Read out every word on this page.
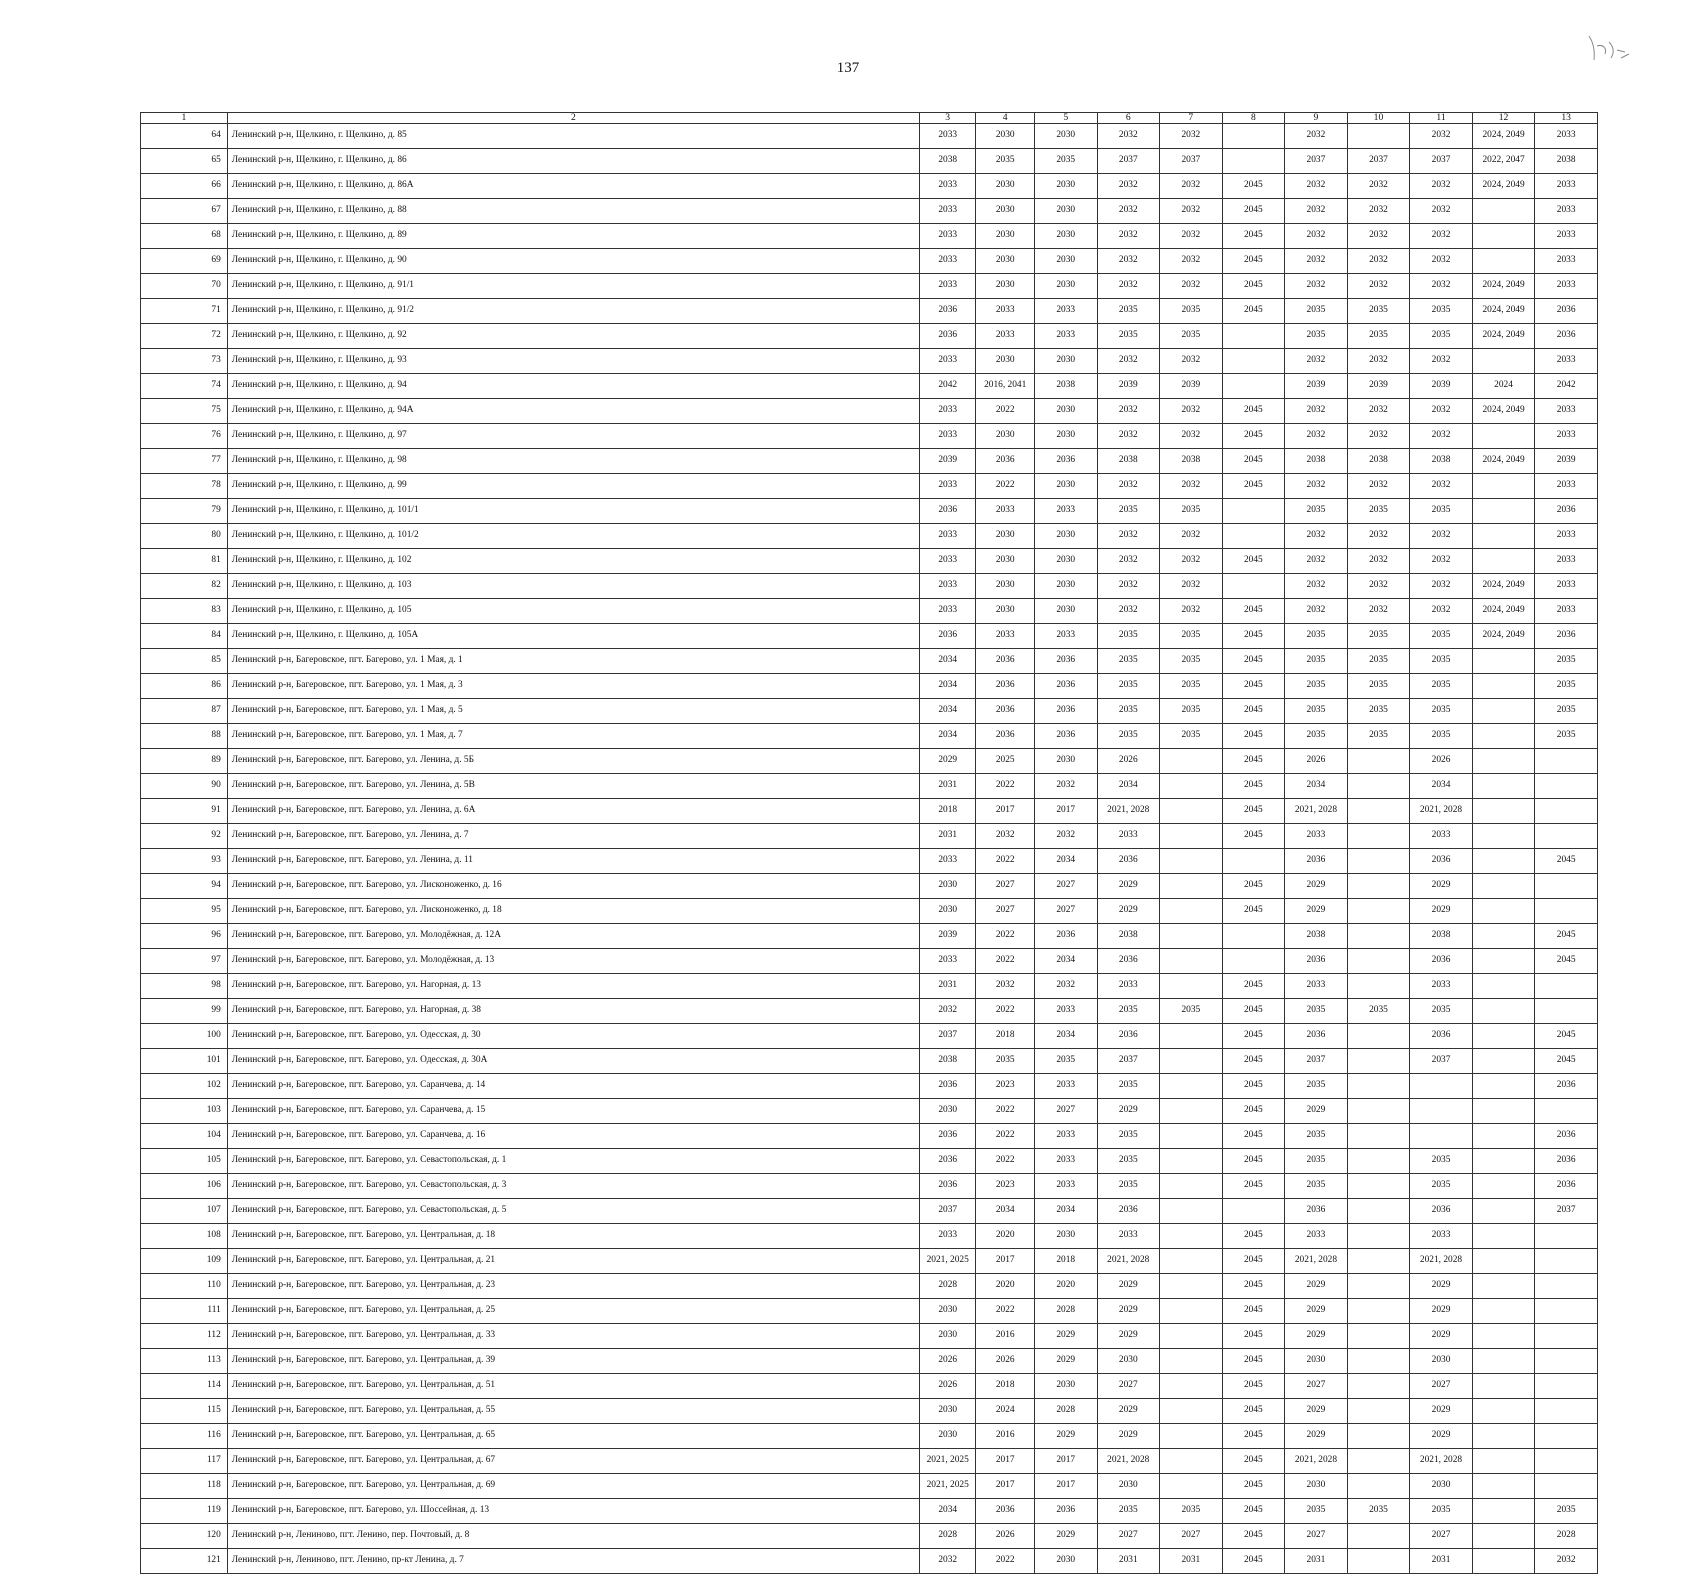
137
1	2	3	4	5	6	7	8	9	10	11	12	13
64	Ленинский р-н, Щелкино, г. Щелкино, д. 85	2033	2030	2030	2032	2032		2032		2032	2024, 2049	2033
65	Ленинский р-н, Щелкино, г. Щелкино, д. 86	2038	2035	2035	2037	2037		2037	2037	2037	2022, 2047	2038
66	Ленинский р-н, Щелкино, г. Щелкино, д. 86А	2033	2030	2030	2032	2032	2045	2032	2032	2032	2024, 2049	2033
67	Ленинский р-н, Щелкино, г. Щелкино, д. 88	2033	2030	2030	2032	2032	2045	2032	2032	2032		2033
68	Ленинский р-н, Щелкино, г. Щелкино, д. 89	2033	2030	2030	2032	2032	2045	2032	2032	2032		2033
69	Ленинский р-н, Щелкино, г. Щелкино, д. 90	2033	2030	2030	2032	2032	2045	2032	2032	2032		2033
70	Ленинский р-н, Щелкино, г. Щелкино, д. 91/1	2033	2030	2030	2032	2032	2045	2032	2032	2032	2024, 2049	2033
71	Ленинский р-н, Щелкино, г. Щелкино, д. 91/2	2036	2033	2033	2035	2035	2045	2035	2035	2035	2024, 2049	2036
72	Ленинский р-н, Щелкино, г. Щелкино, д. 92	2036	2033	2033	2035	2035		2035	2035	2035	2024, 2049	2036
73	Ленинский р-н, Щелкино, г. Щелкино, д. 93	2033	2030	2030	2032	2032		2032	2032	2032		2033
74	Ленинский р-н, Щелкино, г. Щелкино, д. 94	2042	2016, 2041	2038	2039	2039		2039	2039	2039	2024	2042
75	Ленинский р-н, Щелкино, г. Щелкино, д. 94А	2033	2022	2030	2032	2032	2045	2032	2032	2032	2024, 2049	2033
76	Ленинский р-н, Щелкино, г. Щелкино, д. 97	2033	2030	2030	2032	2032	2045	2032	2032	2032		2033
77	Ленинский р-н, Щелкино, г. Щелкино, д. 98	2039	2036	2036	2038	2038	2045	2038	2038	2038	2024, 2049	2039
78	Ленинский р-н, Щелкино, г. Щелкино, д. 99	2033	2022	2030	2032	2032	2045	2032	2032	2032		2033
79	Ленинский р-н, Щелкино, г. Щелкино, д. 101/1	2036	2033	2033	2035	2035		2035	2035	2035		2036
80	Ленинский р-н, Щелкино, г. Щелкино, д. 101/2	2033	2030	2030	2032	2032		2032	2032	2032		2033
81	Ленинский р-н, Щелкино, г. Щелкино, д. 102	2033	2030	2030	2032	2032	2045	2032	2032	2032		2033
82	Ленинский р-н, Щелкино, г. Щелкино, д. 103	2033	2030	2030	2032	2032		2032	2032	2032	2024, 2049	2033
83	Ленинский р-н, Щелкино, г. Щелкино, д. 105	2033	2030	2030	2032	2032	2045	2032	2032	2032	2024, 2049	2033
84	Ленинский р-н, Щелкино, г. Щелкино, д. 105А	2036	2033	2033	2035	2035	2045	2035	2035	2035	2024, 2049	2036
85	Ленинский р-н, Багеровское, пгт. Багерово, ул. 1 Мая, д. 1	2034	2036	2036	2035	2035	2045	2035	2035	2035		2035
86	Ленинский р-н, Багеровское, пгт. Багерово, ул. 1 Мая, д. 3	2034	2036	2036	2035	2035	2045	2035	2035	2035		2035
87	Ленинский р-н, Багеровское, пгт. Багерово, ул. 1 Мая, д. 5	2034	2036	2036	2035	2035	2045	2035	2035	2035		2035
88	Ленинский р-н, Багеровское, пгт. Багерово, ул. 1 Мая, д. 7	2034	2036	2036	2035	2035	2045	2035	2035	2035		2035
89	Ленинский р-н, Багеровское, пгт. Багерово, ул. Ленина, д. 5Б	2029	2025	2030	2026		2045	2026		2026		
90	Ленинский р-н, Багеровское, пгт. Багерово, ул. Ленина, д. 5В	2031	2022	2032	2034		2045	2034		2034		
91	Ленинский р-н, Багеровское, пгт. Багерово, ул. Ленина, д. 6А	2018	2017	2017	2021, 2028		2045	2021, 2028		2021, 2028		
92	Ленинский р-н, Багеровское, пгт. Багерово, ул. Ленина, д. 7	2031	2032	2032	2033		2045	2033		2033		
93	Ленинский р-н, Багеровское, пгт. Багерово, ул. Ленина, д. 11	2033	2022	2034	2036			2036		2036		2045
94	Ленинский р-н, Багеровское, пгт. Багерово, ул. Лисконоженко, д. 16	2030	2027	2027	2029		2045	2029		2029		
95	Ленинский р-н, Багеровское, пгт. Багерово, ул. Лисконоженко, д. 18	2030	2027	2027	2029		2045	2029		2029		
96	Ленинский р-н, Багеровское, пгт. Багерово, ул. Молодёжная, д. 12А	2039	2022	2036	2038			2038		2038		2045
97	Ленинский р-н, Багеровское, пгт. Багерово, ул. Молодёжная, д. 13	2033	2022	2034	2036			2036		2036		2045
98	Ленинский р-н, Багеровское, пгт. Багерово, ул. Нагорная, д. 13	2031	2032	2032	2033		2045	2033		2033		
99	Ленинский р-н, Багеровское, пгт. Багерово, ул. Нагорная, д. 38	2032	2022	2033	2035	2035	2045	2035	2035	2035		
100	Ленинский р-н, Багеровское, пгт. Багерово, ул. Одесская, д. 30	2037	2018	2034	2036		2045	2036		2036		2045
101	Ленинский р-н, Багеровское, пгт. Багерово, ул. Одесская, д. 30А	2038	2035	2035	2037		2045	2037		2037		2045
102	Ленинский р-н, Багеровское, пгт. Багерово, ул. Саранчева, д. 14	2036	2023	2033	2035		2045	2035				2036
103	Ленинский р-н, Багеровское, пгт. Багерово, ул. Саранчева, д. 15	2030	2022	2027	2029		2045	2029				
104	Ленинский р-н, Багеровское, пгт. Багерово, ул. Саранчева, д. 16	2036	2022	2033	2035		2045	2035				2036
105	Ленинский р-н, Багеровское, пгт. Багерово, ул. Севастопольская, д. 1	2036	2022	2033	2035		2045	2035		2035		2036
106	Ленинский р-н, Багеровское, пгт. Багерово, ул. Севастопольская, д. 3	2036	2023	2033	2035		2045	2035		2035		2036
107	Ленинский р-н, Багеровское, пгт. Багерово, ул. Севастопольская, д. 5	2037	2034	2034	2036			2036		2036		2037
108	Ленинский р-н, Багеровское, пгт. Багерово, ул. Центральная, д. 18	2033	2020	2030	2033		2045	2033		2033		
109	Ленинский р-н, Багеровское, пгт. Багерово, ул. Центральная, д. 21	2021, 2025	2017	2018	2021, 2028		2045	2021, 2028		2021, 2028		
110	Ленинский р-н, Багеровское, пгт. Багерово, ул. Центральная, д. 23	2028	2020	2020	2029		2045	2029		2029		
111	Ленинский р-н, Багеровское, пгт. Багерово, ул. Центральная, д. 25	2030	2022	2028	2029		2045	2029		2029		
112	Ленинский р-н, Багеровское, пгт. Багерово, ул. Центральная, д. 33	2030	2016	2029	2029		2045	2029		2029		
113	Ленинский р-н, Багеровское, пгт. Багерово, ул. Центральная, д. 39	2026	2026	2029	2030		2045	2030		2030		
114	Ленинский р-н, Багеровское, пгт. Багерово, ул. Центральная, д. 51	2026	2018	2030	2027		2045	2027		2027		
115	Ленинский р-н, Багеровское, пгт. Багерово, ул. Центральная, д. 55	2030	2024	2028	2029		2045	2029		2029		
116	Ленинский р-н, Багеровское, пгт. Багерово, ул. Центральная, д. 65	2030	2016	2029	2029		2045	2029		2029		
117	Ленинский р-н, Багеровское, пгт. Багерово, ул. Центральная, д. 67	2021, 2025	2017	2017	2021, 2028		2045	2021, 2028		2021, 2028		
118	Ленинский р-н, Багеровское, пгт. Багерово, ул. Центральная, д. 69	2021, 2025	2017	2017	2030		2045	2030		2030		
119	Ленинский р-н, Багеровское, пгт. Багерово, ул. Шоссейная, д. 13	2034	2036	2036	2035	2035	2045	2035	2035	2035		2035
120	Ленинский р-н, Лениново, пгт. Ленино, пер. Почтовый, д. 8	2028	2026	2029	2027	2027	2045	2027		2027		2028
121	Ленинский р-н, Лениново, пгт. Ленино, пр-кт Ленина, д. 7	2032	2022	2030	2031	2031	2045	2031		2031		2032
